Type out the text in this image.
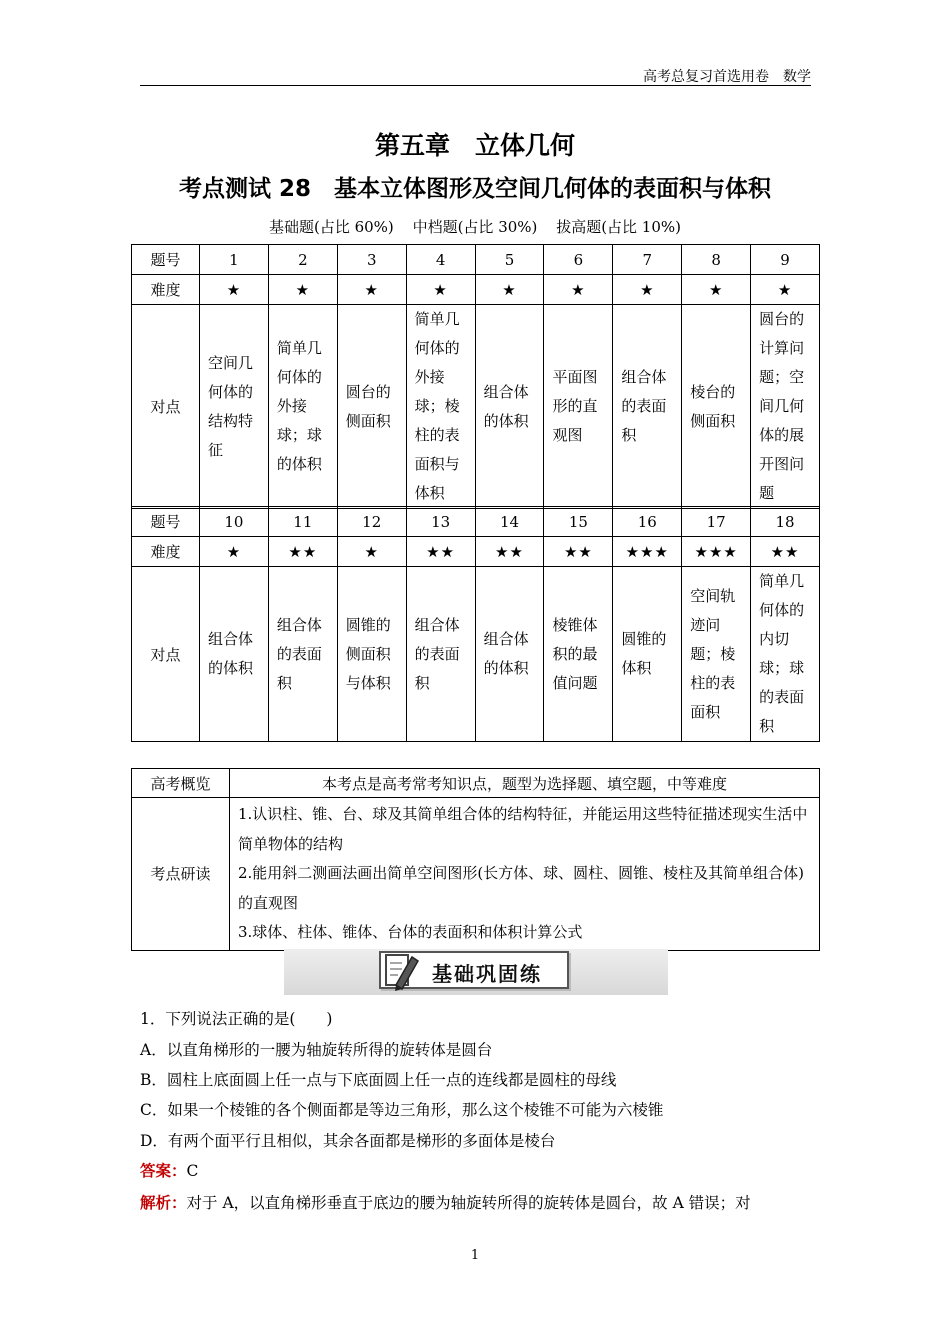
高考总复习首选用卷　数学
第五章　立体几何
考点测试 28　基本立体图形及空间几何体的表面积与体积
基础题(占比 60%) 中档题(占比 30%) 拔高题(占比 10%)
题号	1	2	3	4	5	6	7	8	9
难度	★	★	★	★	★	★	★	★	★
对点	空间几何体的结构特征	简单几何体的外接球；球的体积	圆台的侧面积	简单几何体的外接球；棱柱的表面积与体积	组合体的体积	平面图形的直观图	组合体的表面积	棱台的侧面积	圆台的计算问题；空间几何体的展开图问题
题号	10	11	12	13	14	15	16	17	18
难度	★	★★	★	★★	★★	★★	★★★	★★★	★★
对点	组合体的体积	组合体的表面积	圆锥的侧面积与体积	组合体的表面积	组合体的体积	棱锥体积的最值问题	圆锥的体积	空间轨迹问题；棱柱的表面积	简单几何体的内切球；球的表面积
高考概览	本考点是高考常考知识点，题型为选择题、填空题，中等难度
考点研读	1.认识柱、锥、台、球及其简单组合体的结构特征，并能运用这些特征描述现实生活中简单物体的结构
2.能用斜二测画法画出简单空间图形(长方体、球、圆柱、圆锥、棱柱及其简单组合体)的直观图
3.球体、柱体、锥体、台体的表面积和体积计算公式
基础巩固练
1．下列说法正确的是(　　)
A．以直角梯形的一腰为轴旋转所得的旋转体是圆台
B．圆柱上底面圆上任一点与下底面圆上任一点的连线都是圆柱的母线
C．如果一个棱锥的各个侧面都是等边三角形，那么这个棱锥不可能为六棱锥
D．有两个面平行且相似，其余各面都是梯形的多面体是棱台
答案：C
解析：对于 A，以直角梯形垂直于底边的腰为轴旋转所得的旋转体是圆台，故 A 错误；对
1
